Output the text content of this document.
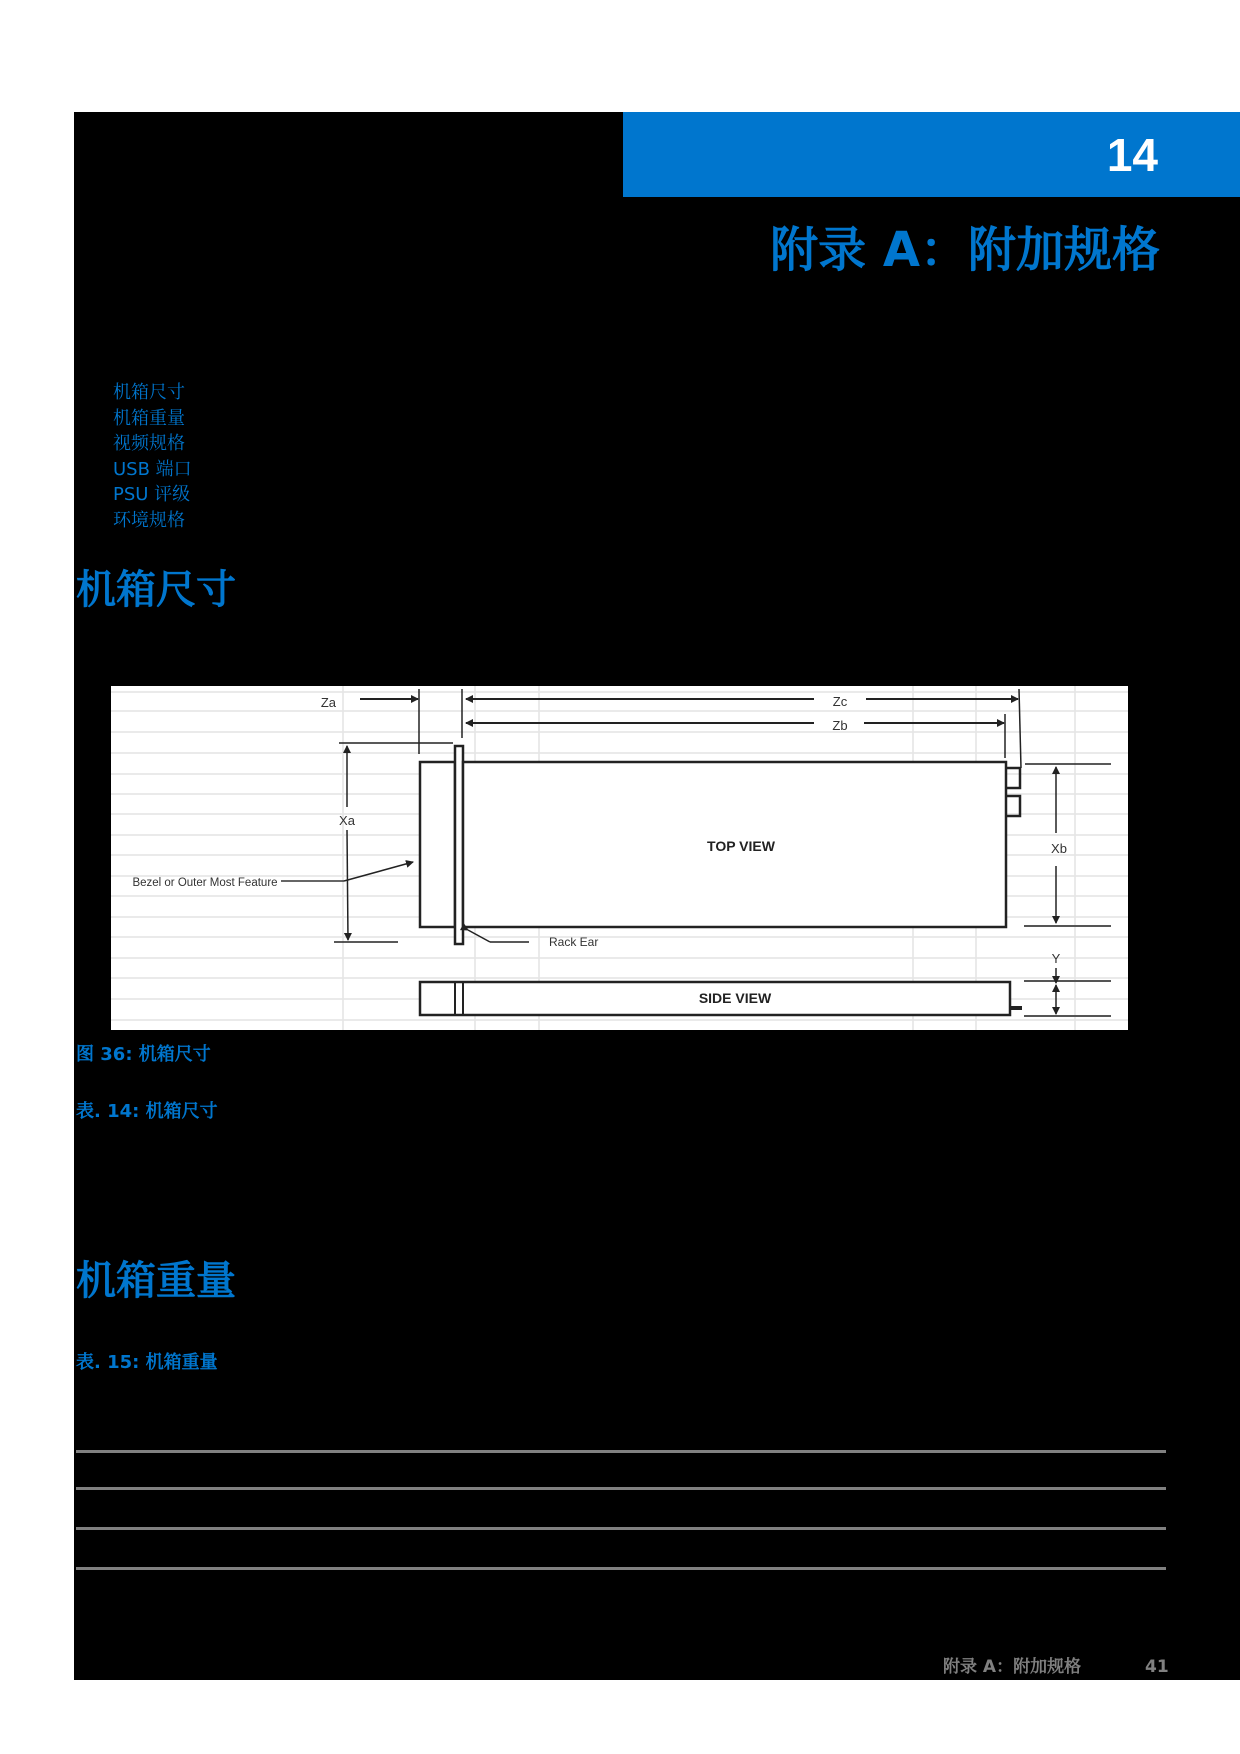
14
附录 A：附加规格
机箱尺寸
机箱重量
视频规格
USB 端口
PSU 评级
环境规格
机箱尺寸
Za	Zc
Zb
Xa
Bezel or Outer Most Feature
TOP VIEW
Rack Ear
Xb
Y
SIDE VIEW
图 36: 机箱尺寸
表. 14: 机箱尺寸
机箱重量
表. 15: 机箱重量
附录 A：附加规格	41
